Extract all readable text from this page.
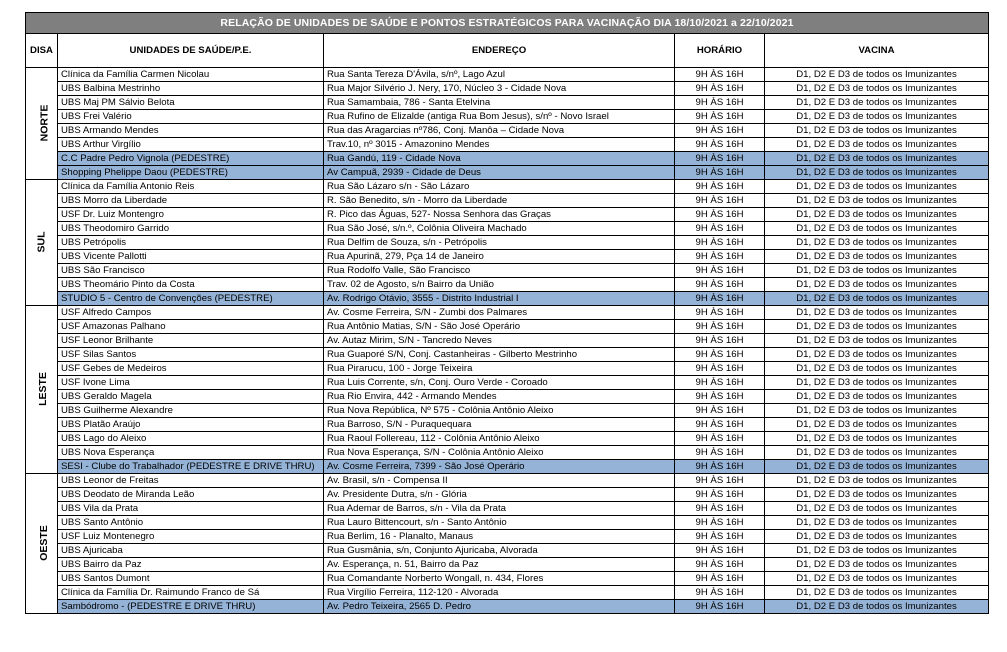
RELAÇÃO DE UNIDADES DE SAÚDE E PONTOS ESTRATÉGICOS PARA VACINAÇÃO DIA 18/10/2021 a 22/10/2021				
DISA	UNIDADES DE SAÚDE/P.E.	ENDEREÇO	HORÁRIO	VACINA
NORTE	Clínica da Família Carmen Nicolau	Rua Santa Tereza D'Ávila, s/nº, Lago Azul	9H ÀS 16H	D1, D2 E D3 de todos os Imunizantes
	UBS Balbina Mestrinho	Rua Major Silvério J. Nery, 170, Núcleo 3 - Cidade Nova	9H ÀS 16H	D1, D2 E D3 de todos os Imunizantes
	UBS Maj PM Sálvio Belota	Rua Samambaia, 786 - Santa Etelvina	9H ÀS 16H	D1, D2 E D3 de todos os Imunizantes
	UBS Frei Valério	Rua Rufino de Elizalde (antiga Rua Bom Jesus), s/nº - Novo Israel	9H ÀS 16H	D1, D2 E D3 de todos os Imunizantes
	UBS Armando Mendes	Rua das Aragarcias nº786, Conj. Manôa – Cidade Nova	9H ÀS 16H	D1, D2 E D3 de todos os Imunizantes
	UBS Arthur Virgílio	Trav.10, nº 3015 - Amazonino Mendes	9H ÀS 16H	D1, D2 E D3 de todos os Imunizantes
	C.C Padre Pedro Vignola (PEDESTRE)	Rua Gandú, 119 - Cidade Nova	9H ÀS 16H	D1, D2 E D3 de todos os Imunizantes
	Shopping Phelippe Daou (PEDESTRE)	Av Campuã, 2939 - Cidade de Deus	9H ÀS 16H	D1, D2 E D3 de todos os Imunizantes
SUL	Clínica da Família Antonio Reis	Rua São Lázaro s/n - São Lázaro	9H ÀS 16H	D1, D2 E D3 de todos os Imunizantes
	UBS Morro da Liberdade	R. São Benedito, s/n - Morro da Liberdade	9H ÀS 16H	D1, D2 E D3 de todos os Imunizantes
	USF Dr. Luiz Montengro	R. Pico das Águas, 527- Nossa Senhora das Graças	9H ÀS 16H	D1, D2 E D3 de todos os Imunizantes
	UBS Theodomiro Garrido	Rua São José, s/n.º, Colônia Oliveira Machado	9H ÀS 16H	D1, D2 E D3 de todos os Imunizantes
	UBS Petrópolis	Rua Delfim de Souza, s/n - Petrópolis	9H ÀS 16H	D1, D2 E D3 de todos os Imunizantes
	UBS Vicente Pallotti	Rua Apurinã, 279, Pça 14 de Janeiro	9H ÀS 16H	D1, D2 E D3 de todos os Imunizantes
	UBS São Francisco	Rua Rodolfo Valle, São Francisco	9H ÀS 16H	D1, D2 E D3 de todos os Imunizantes
	UBS Theomário Pinto da Costa	Trav. 02 de Agosto, s/n Bairro da União	9H ÀS 16H	D1, D2 E D3 de todos os Imunizantes
	STUDIO 5 - Centro de Convenções (PEDESTRE)	Av. Rodrigo Otávio, 3555 - Distrito Industrial I	9H ÀS 16H	D1, D2 E D3 de todos os Imunizantes
LESTE	USF Alfredo Campos	Av. Cosme Ferreira, S/N - Zumbi dos Palmares	9H ÀS 16H	D1, D2 E D3 de todos os Imunizantes
	USF Amazonas Palhano	Rua Antônio Matias, S/N - São José Operário	9H ÀS 16H	D1, D2 E D3 de todos os Imunizantes
	USF Leonor Brilhante	Av. Autaz Mirim, S/N - Tancredo Neves	9H ÀS 16H	D1, D2 E D3 de todos os Imunizantes
	USF Silas Santos	Rua Guaporé S/N, Conj. Castanheiras - Gilberto Mestrinho	9H ÀS 16H	D1, D2 E D3 de todos os Imunizantes
	USF Gebes de Medeiros	Rua Pirarucu, 100 - Jorge Teixeira	9H ÀS 16H	D1, D2 E D3 de todos os Imunizantes
	USF Ivone Lima	Rua Luis Corrente, s/n, Conj. Ouro Verde - Coroado	9H ÀS 16H	D1, D2 E D3 de todos os Imunizantes
	UBS Geraldo Magela	Rua Rio Envira, 442 - Armando Mendes	9H ÀS 16H	D1, D2 E D3 de todos os Imunizantes
	UBS Guilherme Alexandre	Rua Nova República, Nº 575 - Colônia Antônio Aleixo	9H ÀS 16H	D1, D2 E D3 de todos os Imunizantes
	UBS Platão Araújo	Rua Barroso, S/N - Puraquequara	9H ÀS 16H	D1, D2 E D3 de todos os Imunizantes
	UBS Lago do Aleixo	Rua Raoul Follereau, 112 - Colônia Antônio Aleixo	9H ÀS 16H	D1, D2 E D3 de todos os Imunizantes
	UBS Nova Esperança	Rua Nova Esperança, S/N - Colônia Antônio Aleixo	9H ÀS 16H	D1, D2 E D3 de todos os Imunizantes
	SESI - Clube do Trabalhador (PEDESTRE E DRIVE THRU)	Av. Cosme Ferreira, 7399 - São José Operário	9H ÀS 16H	D1, D2 E D3 de todos os Imunizantes
OESTE	UBS Leonor de Freitas	Av. Brasil, s/n - Compensa II	9H ÀS 16H	D1, D2 E D3 de todos os Imunizantes
	UBS Deodato de Miranda Leão	Av. Presidente Dutra, s/n - Glória	9H ÀS 16H	D1, D2 E D3 de todos os Imunizantes
	UBS Vila da Prata	Rua Ademar de Barros, s/n - Vila da Prata	9H ÀS 16H	D1, D2 E D3 de todos os Imunizantes
	UBS Santo Antônio	Rua Lauro Bittencourt, s/n - Santo Antônio	9H ÀS 16H	D1, D2 E D3 de todos os Imunizantes
	USF Luiz Montenegro	Rua Berlim, 16 - Planalto, Manaus	9H ÀS 16H	D1, D2 E D3 de todos os Imunizantes
	UBS Ajuricaba	Rua Gusmânia, s/n, Conjunto Ajuricaba, Alvorada	9H ÀS 16H	D1, D2 E D3 de todos os Imunizantes
	UBS Bairro da Paz	Av. Esperança, n. 51, Bairro da Paz	9H ÀS 16H	D1, D2 E D3 de todos os Imunizantes
	UBS Santos Dumont	Rua Comandante Norberto Wongall, n. 434, Flores	9H ÀS 16H	D1, D2 E D3 de todos os Imunizantes
	Clínica da Família Dr. Raimundo Franco de Sá	Rua Virgílio Ferreira, 112-120 - Alvorada	9H ÀS 16H	D1, D2 E D3 de todos os Imunizantes
	Sambódromo - (PEDESTRE E DRIVE THRU)	Av. Pedro Teixeira, 2565 D. Pedro	9H ÀS 16H	D1, D2 E D3 de todos os Imunizantes
